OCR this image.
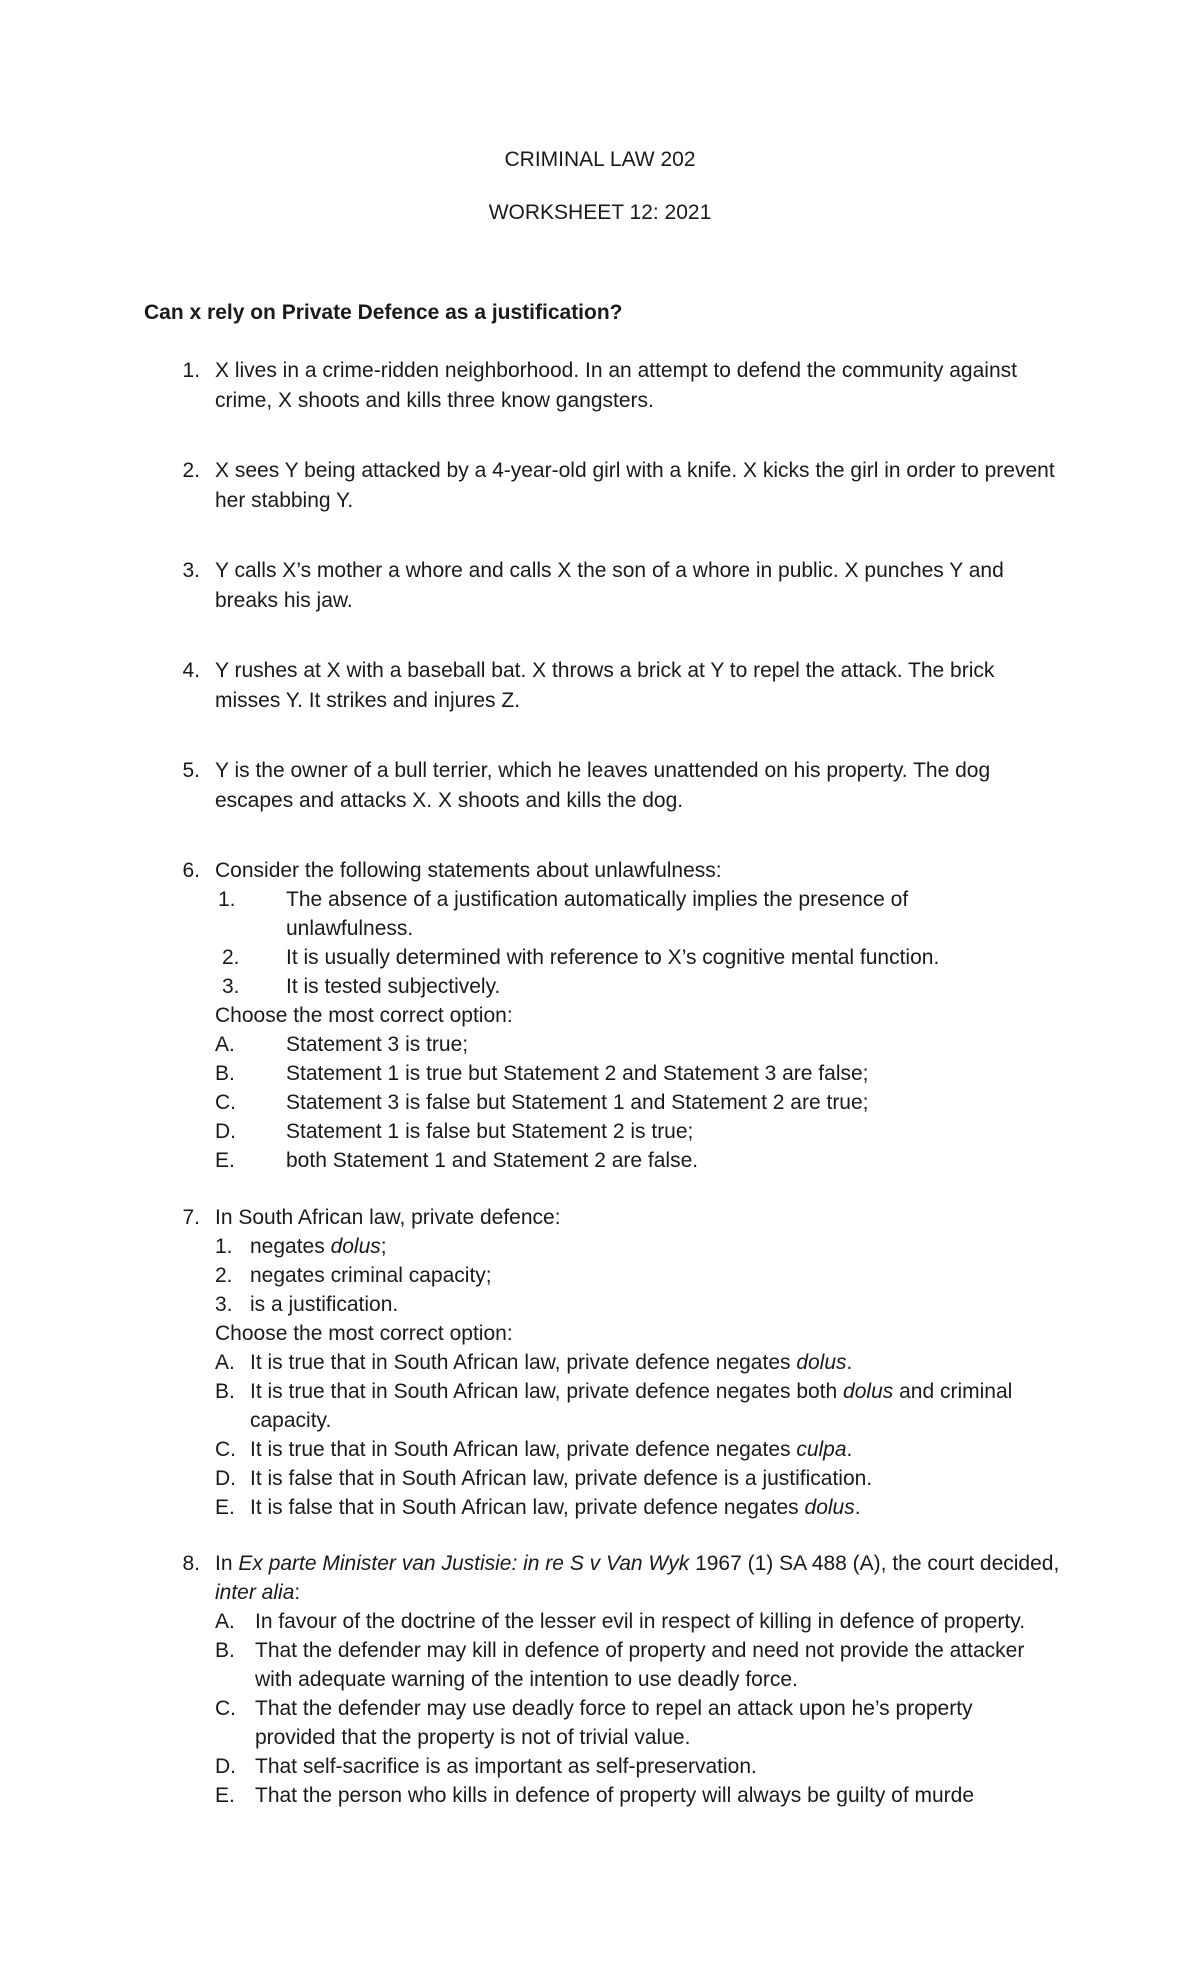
CRIMINAL LAW 202
WORKSHEET 12: 2021
Can x rely on Private Defence as a justification?
1. X lives in a crime-ridden neighborhood. In an attempt to defend the community against crime, X shoots and kills three know gangsters.
2. X sees Y being attacked by a 4-year-old girl with a knife. X kicks the girl in order to prevent her stabbing Y.
3. Y calls X’s mother a whore and calls X the son of a whore in public. X punches Y and breaks his jaw.
4. Y rushes at X with a baseball bat. X throws a brick at Y to repel the attack. The brick misses Y. It strikes and injures Z.
5. Y is the owner of a bull terrier, which he leaves unattended on his property. The dog escapes and attacks X. X shoots and kills the dog.
6. Consider the following statements about unlawfulness:
1. The absence of a justification automatically implies the presence of
unlawfulness.
2. It is usually determined with reference to X’s cognitive mental function.
3. It is tested subjectively.
Choose the most correct option:
A. Statement 3 is true;
B. Statement 1 is true but Statement 2 and Statement 3 are false;
C. Statement 3 is false but Statement 1 and Statement 2 are true;
D. Statement 1 is false but Statement 2 is true;
E. both Statement 1 and Statement 2 are false.
7. In South African law, private defence:
1. negates dolus;
2. negates criminal capacity;
3. is a justification.
Choose the most correct option:
A. It is true that in South African law, private defence negates dolus.
B. It is true that in South African law, private defence negates both dolus and criminal
capacity.
C. It is true that in South African law, private defence negates culpa.
D. It is false that in South African law, private defence is a justification.
E. It is false that in South African law, private defence negates dolus.
8. In Ex parte Minister van Justisie: in re S v Van Wyk 1967 (1) SA 488 (A), the court decided,
inter alia:
A. In favour of the doctrine of the lesser evil in respect of killing in defence of property.
B. That the defender may kill in defence of property and need not provide the attacker
with adequate warning of the intention to use deadly force.
C. That the defender may use deadly force to repel an attack upon he’s property
provided that the property is not of trivial value.
D. That self-sacrifice is as important as self-preservation.
E. That the person who kills in defence of property will always be guilty of murde
